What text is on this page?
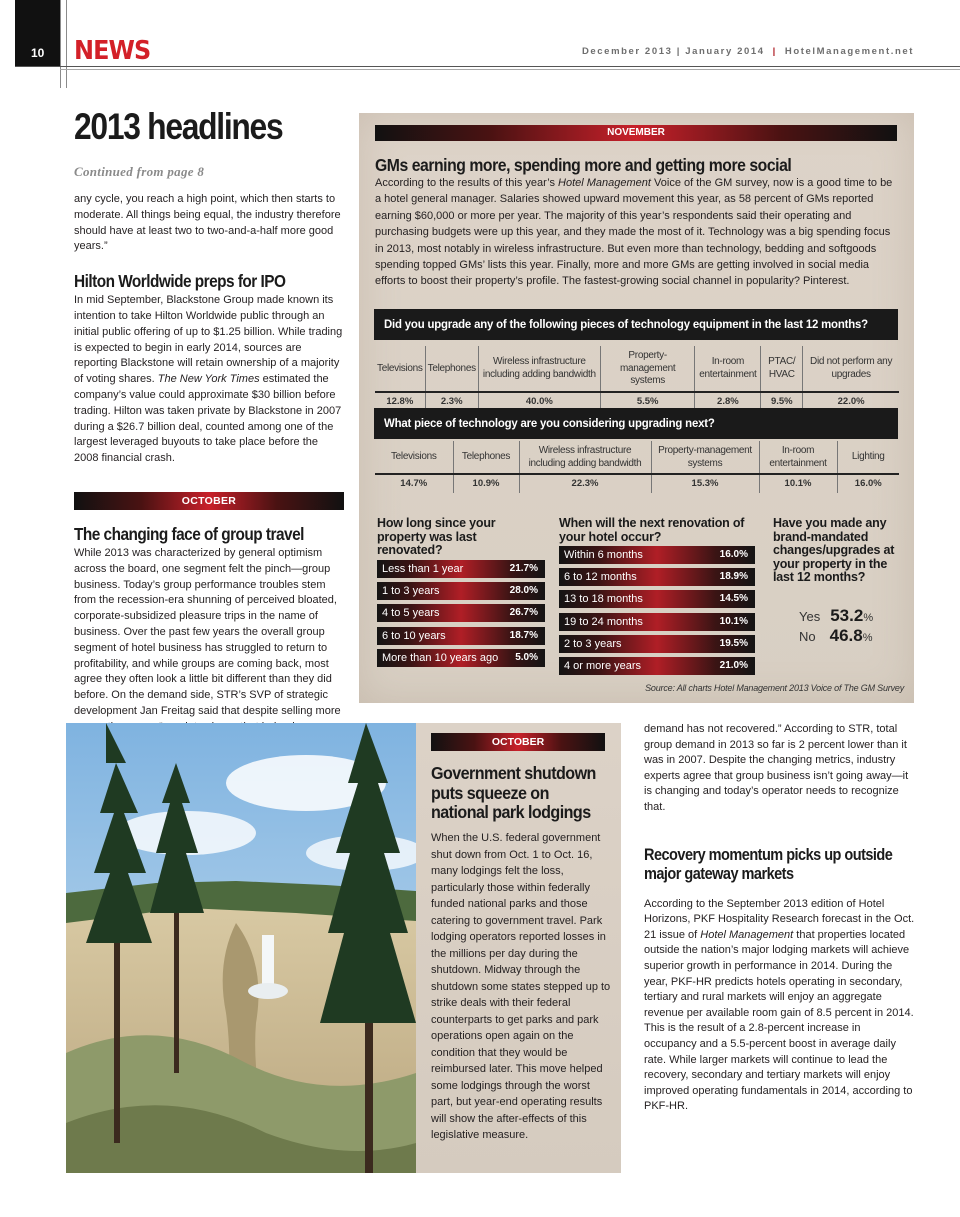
10	NEWS	December 2013 | January 2014 | HotelManagement.net
2013 headlines
Continued from page 8

any cycle, you reach a high point, which then starts to moderate. All things being equal, the industry therefore should have at least two to two-and-a-half more good years.”

Hilton Worldwide preps for IPO

In mid September, Blackstone Group made known its intention to take Hilton Worldwide public through an initial public offering of up to $1.25 billion. While trading is expected to begin in early 2014, sources are reporting Blackstone will retain ownership of a majority of voting shares. The New York Times estimated the company’s value could approximate $30 billion before trading. Hilton was taken private by Blackstone in 2007 during a $26.7 billion deal, counted among one of the largest leveraged buyouts to take place before the 2008 financial crash.

OCTOBER
The changing face of group travel

While 2013 was characterized by general optimism across the board, one segment felt the pinch—group business. Today’s group performance troubles stem from the recession-era shunning of perceived bloated, corporate-subsidized pleasure trips in the name of business. Over the past few years the overall group segment of hotel business has struggled to return to profitability, and while groups are coming back, most agree they often look a little bit different than they did before. On the demand side, STR’s SVP of strategic development Jan Freitag said that despite selling more

NOVEMBER
GMs earning more, spending more and getting more social

According to the results of this year’s Hotel Management Voice of the GM survey, now is a good time to be a hotel general manager. Salaries showed upward movement this year, as 58 percent of GMs reported earning $60,000 or more per year. The majority of this year’s respondents said their operating and purchasing budgets were up this year, and they made the most of it. Technology was a big spending focus in 2013, most notably in wireless infrastructure. But even more than technology, bedding and softgoods spending topped GMs’ lists this year. Finally, more and more GMs are getting involved in social media efforts to boost their property’s profile. The fastest-growing social channel in popularity? Pinterest.

Did you upgrade any of the following pieces of technology equipment in the last 12 months?
Televisions	Telephones	Wireless infrastructure including adding bandwidth	Property-management systems	In-room entertainment	PTAC/ HVAC	Did not perform any upgrades
12.8%	2.3%	40.0%	5.5%	2.8%	9.5%	22.0%
What piece of technology are you considering upgrading next?
Televisions	Telephones	Wireless infrastructure including adding bandwidth	Property-management systems	In-room entertainment	Lighting
14.7%	10.9%	22.3%	15.3%	10.1%	16.0%
How long since your property was last renovated?
Less than 1 year	21.7%
1 to 3 years	28.0%
4 to 5 years	26.7%
6 to 10 years	18.7%
More than 10 years ago 5.0%
When will the next renovation of your hotel occur?
Within 6 months	16.0%
6 to 12 months	18.9%
13 to 18 months	14.5%
19 to 24 months	10.1%
2 to 3 years	19.5%
4 or more years	21.0%
Have you made any brand-mandated changes/upgrades at your property in the last 12 months?
Yes 53.2%
No 46.8%
Source: All charts Hotel Management 2013 Voice of The GM Survey
OCTOBER
Government shutdown puts squeeze on national park lodgings

When the U.S. federal government shut down from Oct. 1 to Oct. 16, many lodgings felt the loss, particularly those within federally funded national parks and those catering to government travel. Park lodging operators reported losses in the millions per day during the shutdown. Midway through the shutdown some states stepped up to strike deals with their federal counterparts to get parks and park operations open again on the condition that they would be reimbursed later. This move helped some lodgings through the worst part, but year-end operating results will show the after-effects of this legislative measure.

demand has not recovered.” According to STR, total group demand in 2013 so far is 2 percent lower than it was in 2007. Despite the changing metrics, industry experts agree that group business isn’t going away—it is changing and today’s operator needs to recognize that.

Recovery momentum picks up outside major gateway markets

According to the September 2013 edition of Hotel Horizons, PKF Hospitality Research forecast in the Oct. 21 issue of Hotel Management that properties located outside the nation’s major lodging markets will achieve superior growth in performance in 2014. During the year, PKF-HR predicts hotels operating in secondary, tertiary and rural markets will enjoy an aggregate revenue per available room gain of 8.5 percent in 2014. This is the result of a 2.8-percent increase in occupancy and a 5.5-percent boost in average daily rate. While larger markets will continue to lead the recovery, secondary and tertiary markets will enjoy improved operating fundamentals in 2014, according to PKF-HR.
